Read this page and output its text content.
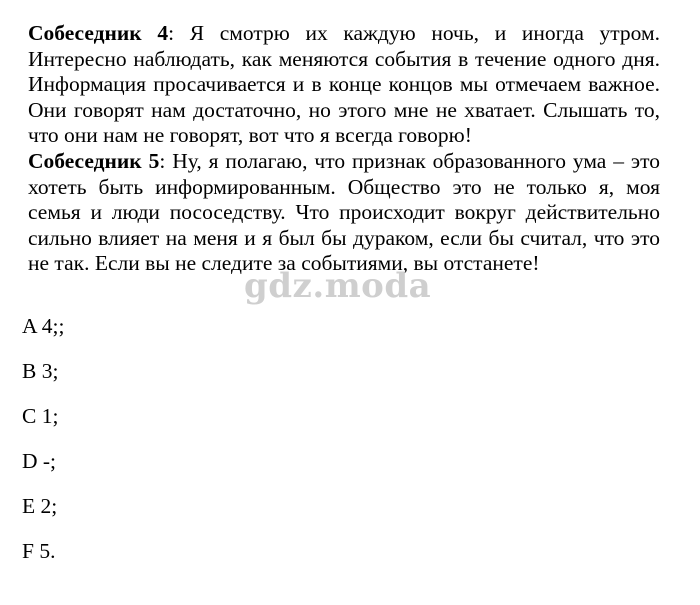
Собеседник 4: Я смотрю их каждую ночь, и иногда утром. Интересно наблюдать, как меняются события в течение одного дня. Информация просачивается и в конце концов мы отмечаем важное. Они говорят нам достаточно, но этого мне не хватает. Слышать то, что они нам не говорят, вот что я всегда говорю!

Собеседник 5: Ну, я полагаю, что признак образованного ума – это хотеть быть информированным. Общество это не только я, моя семья и люди пососедству. Что происходит вокруг действительно сильно влияет на меня и я был бы дураком, если бы считал, что это не так. Если вы не следите за событиями, вы отстанете!

gdz.moda
A 4;;
B 3;
C 1;
D -;
E 2;
F 5.
